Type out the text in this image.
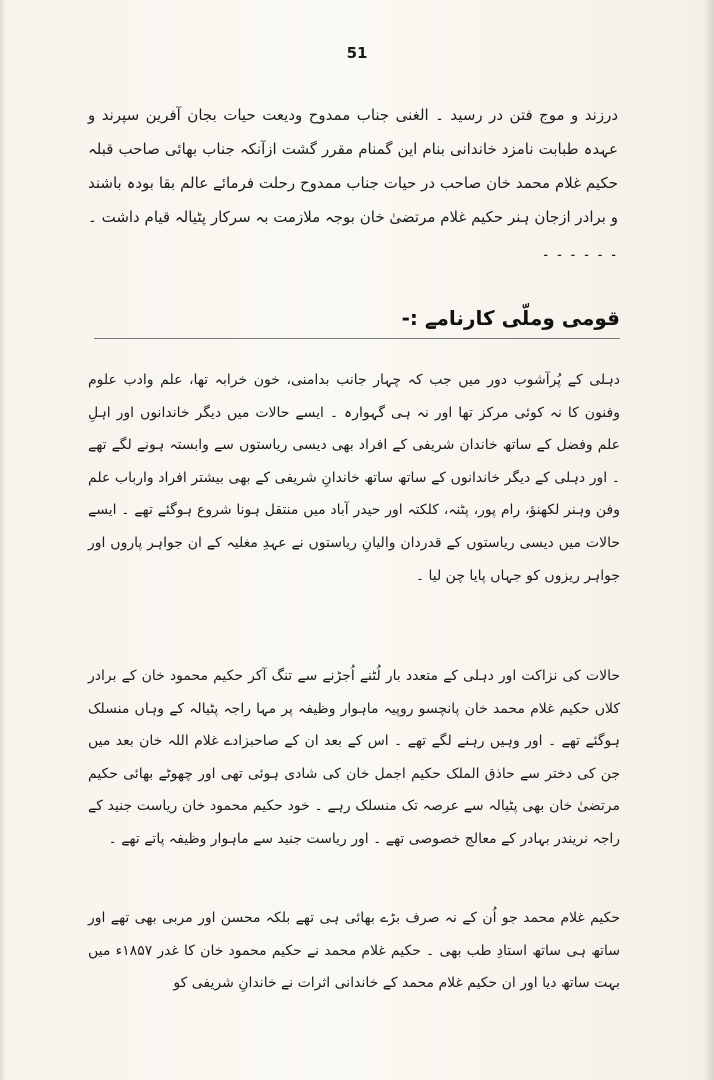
51

درزند و موج فتن در رسید ۔ الغنی جناب ممدوح ودیعت حیات بجان آفرین سپرند و عہدہ طبابت نامزد خاندانی بنام این گمنام مقرر گشت ازآنکہ جناب بھائی صاحب قبلہ حکیم غلام محمد خان صاحب در حیات جناب ممدوح رحلت فرمائے عالم بقا بودہ باشند و برادر ازجان ہنر حکیم غلام مرتضیٰ خان بوجہ ملازمت بہ سرکار پٹیالہ قیام داشت ۔ ۔ ۔ ۔ ۔ ۔ ۔

قومی وملّی کارنامے :-

دہلی کے پُرآشوب دور میں جب کہ چہار جانب بدامنی، خون خرابہ تھا، علم وادب علوم وفنون کا نہ کوئی مرکز تھا اور نہ ہی گہوارہ ۔ ایسے حالات میں دیگر خاندانوں اور اہلِ علم وفضل کے ساتھ خاندان شریفی کے افراد بھی دیسی ریاستوں سے وابستہ ہونے لگے تھے ۔ اور دہلی کے دیگر خاندانوں کے ساتھ ساتھ خاندانِ شریفی کے بھی بیشتر افراد وارباب علم وفن وہنر لکھنؤ، رام پور، پٹنہ، کلکتہ اور حیدر آباد میں منتقل ہونا شروع ہوگئے تھے ۔ ایسے حالات میں دیسی ریاستوں کے قدردان والیانِ ریاستوں نے عہدِ مغلیہ کے ان جواہر پاروں اور جواہر ریزوں کو جہاں پایا چن لیا ۔

حالات کی نزاکت اور دہلی کے متعدد بار لُٹنے اُجڑنے سے تنگ آکر حکیم محمود خان کے برادر کلاں حکیم غلام محمد خان پانچسو روپیہ ماہوار وظیفہ پر مہا راجہ پٹیالہ کے وہاں منسلک ہوگئے تھے ۔ اور وہیں رہنے لگے تھے ۔ اس کے بعد ان کے صاحبزادے غلام اللہ خان بعد میں جن کی دختر سے حاذق الملک حکیم اجمل خان کی شادی ہوئی تھی اور چھوٹے بھائی حکیم مرتضیٰ خان بھی پٹیالہ سے عرصہ تک منسلک رہے ۔ خود حکیم محمود خان ریاست جنید کے راجہ نریندر بہادر کے معالج خصوصی تھے ۔ اور ریاست جنید سے ماہوار وظیفہ پاتے تھے ۔

حکیم غلام محمد جو اُن کے نہ صرف بڑے بھائی ہی تھے بلکہ محسن اور مربی بھی تھے اور ساتھ ہی ساتھ استادِ طب بھی ۔ حکیم غلام محمد نے حکیم محمود خان کا غدر ۱۸۵۷ء میں بہت ساتھ دیا اور ان حکیم غلام محمد کے خاندانی اثرات نے خاندانِ شریفی کو
